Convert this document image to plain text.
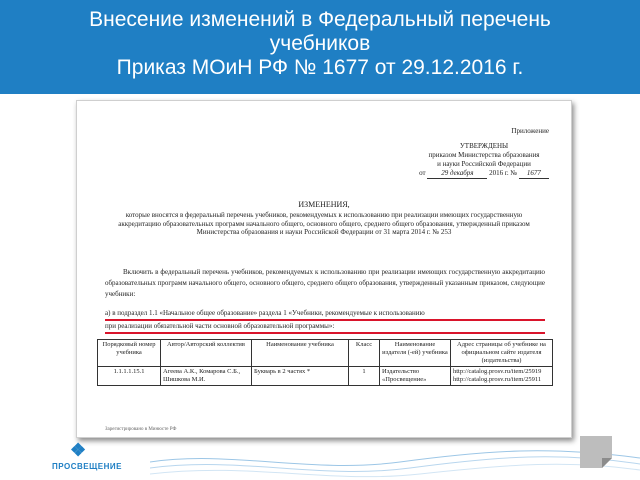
Внесение изменений в Федеральный перечень
учебников
Приказ МОиН РФ № 1677 от 29.12.2016 г.
Приложение
УТВЕРЖДЕНЫ
приказом Министерства образования
и науки Российской Федерации
от 29 декабря 2016 г. № 1677
ИЗМЕНЕНИЯ,
которые вносятся в федеральный перечень учебников, рекомендуемых к использованию при реализации имеющих государственную аккредитацию образовательных программ начального общего, основного общего, среднего общего образования, утвержденный приказом Министерства образования и науки Российской Федерации от 31 марта 2014 г. № 253
Включить в федеральный перечень учебников, рекомендуемых к использованию при реализации имеющих государственную аккредитацию образовательных программ начального общего, основного общего, среднего общего образования, утвержденный указанным приказом, следующие учебники:
а) в подраздел 1.1 «Начальное общее образование» раздела 1 «Учебники, рекомендуемые к использованию
при реализации обязательной части основной образовательной программы»:
Порядковый номер учебника	Автор/Авторский коллектив	Наименование учебника	Класс	Наименование издателя (-ей) учебника	Адрес страницы об учебнике на официальном сайте издателя (издательства)
1.1.1.1.15.1	Агеева А.К., Комарова С.Б., Шишкова М.И.	Букварь в 2 частях *	1	Издательство «Просвещение»	http://catalog.prosv.ru/item/25919
http://catalog.prosv.ru/item/25911
Зарегистрировано в Минюсте РФ
❖
ПРОСВЕЩЕНИЕ
